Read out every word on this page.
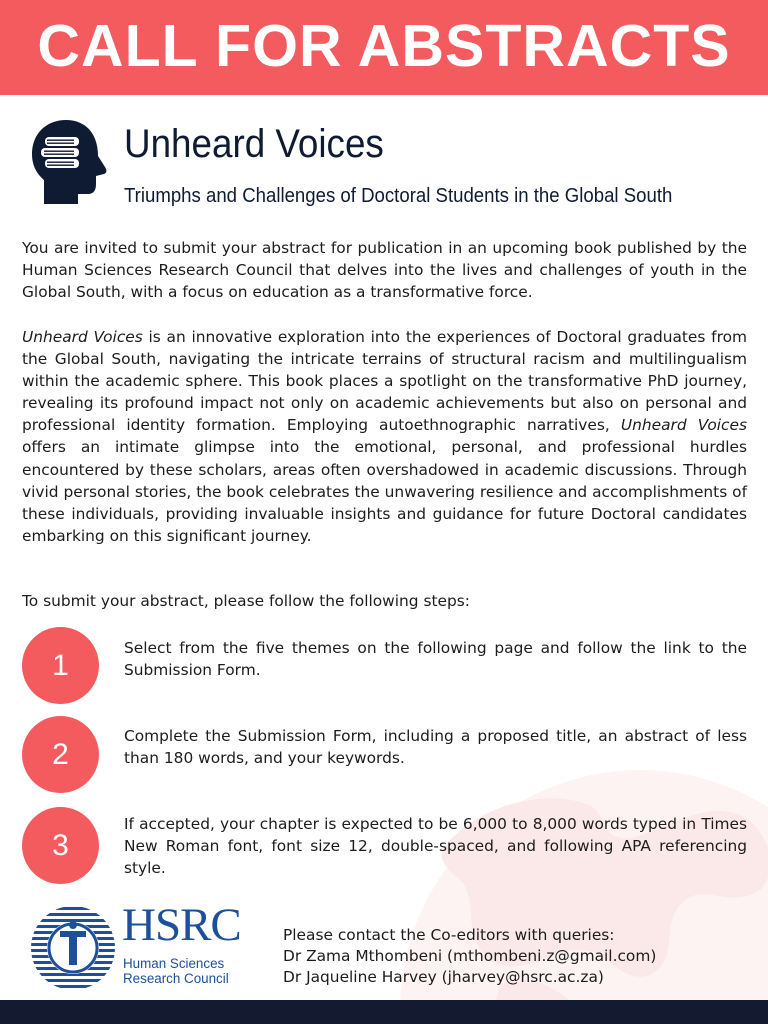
CALL FOR ABSTRACTS
Unheard Voices
Triumphs and Challenges of Doctoral Students in the Global South
You are invited to submit your abstract for publication in an upcoming book published by the Human Sciences Research Council that delves into the lives and challenges of youth in the Global South, with a focus on education as a transformative force.
Unheard Voices is an innovative exploration into the experiences of Doctoral graduates from the Global South, navigating the intricate terrains of structural racism and multilingualism within the academic sphere. This book places a spotlight on the transformative PhD journey, revealing its profound impact not only on academic achievements but also on personal and professional identity formation. Employing autoethnographic narratives, Unheard Voices offers an intimate glimpse into the emotional, personal, and professional hurdles encountered by these scholars, areas often overshadowed in academic discussions. Through vivid personal stories, the book celebrates the unwavering resilience and accomplishments of these individuals, providing invaluable insights and guidance for future Doctoral candidates embarking on this significant journey.
To submit your abstract, please follow the following steps:
1
Select from the five themes on the following page and follow the link to the Submission Form.
2
Complete the Submission Form, including a proposed title, an abstract of less than 180 words, and your keywords.
3
If accepted, your chapter is expected to be 6,000 to 8,000 words typed in Times New Roman font, font size 12, double-spaced, and following APA referencing style.
HSRC
Human Sciences
Research Council
Please contact the Co-editors with queries:
Dr Zama Mthombeni (mthombeni.z@gmail.com)
Dr Jaqueline Harvey (jharvey@hsrc.ac.za)
